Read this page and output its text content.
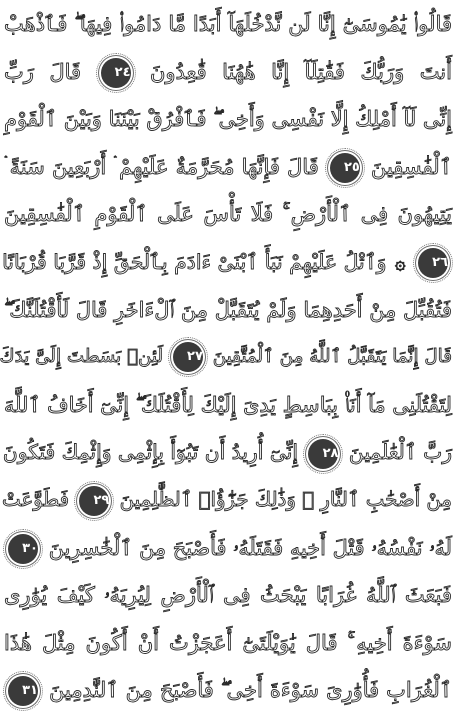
قَالُوا۟ يَٰمُوسَىٰٓ إِنَّا لَن نَّدْخُلَهَآ أَبَدًا مَّا دَامُوا۟ فِيهَا ۖ فَٱذْهَبْ
أَنتَ وَرَبُّكَ فَقَٰتِلَآ إِنَّا هَٰهُنَا قَٰعِدُونَ ٢٤ قَالَ رَبِّ
إِنِّى لَآ أَمْلِكُ إِلَّا نَفْسِى وَأَخِى ۖ فَٱفْرُقْ بَيْنَنَا وَبَيْنَ ٱلْقَوْمِ
ٱلْفَٰسِقِينَ ٢٥ قَالَ فَإِنَّهَا مُحَرَّمَةٌ عَلَيْهِمْ ۛ أَرْبَعِينَ سَنَةً ۛ
يَتِيهُونَ فِى ٱلْأَرْضِ ۚ فَلَا تَأْسَ عَلَى ٱلْقَوْمِ ٱلْفَٰسِقِينَ
٢٦ ۞ وَٱتْلُ عَلَيْهِمْ نَبَأَ ٱبْنَىْ ءَادَمَ بِٱلْحَقِّ إِذْ قَرَّبَا قُرْبَانًا
فَتُقُبِّلَ مِنْ أَحَدِهِمَا وَلَمْ يُتَقَبَّلْ مِنَ ٱلْءَاخَرِ قَالَ لَأَقْتُلَنَّكَ ۖ
قَالَ إِنَّمَا يَتَقَبَّلُ ٱللَّهُ مِنَ ٱلْمُتَّقِينَ ٢٧ لَئِنۢ بَسَطتَ إِلَىَّ يَدَكَ
لِتَقْتُلَنِى مَآ أَنَا۠ بِبَاسِطٍ يَدِىَ إِلَيْكَ لِأَقْتُلَكَ ۖ إِنِّىٓ أَخَافُ ٱللَّهَ
رَبَّ ٱلْعَٰلَمِينَ ٢٨ إِنِّىٓ أُرِيدُ أَن تَبُوٓأَ بِإِثْمِى وَإِثْمِكَ فَتَكُونَ
مِنْ أَصْحَٰبِ ٱلنَّارِ ۚ وَذَٰلِكَ جَزَٰٓؤُا۟ ٱلظَّٰلِمِينَ ٢٩ فَطَوَّعَتْ
لَهُۥ نَفْسُهُۥ قَتْلَ أَخِيهِ فَقَتَلَهُۥ فَأَصْبَحَ مِنَ ٱلْخَٰسِرِينَ ٣٠
فَبَعَثَ ٱللَّهُ غُرَابًا يَبْحَثُ فِى ٱلْأَرْضِ لِيُرِيَهُۥ كَيْفَ يُوَٰرِى
سَوْءَةَ أَخِيهِ ۚ قَالَ يَٰوَيْلَتَىٰٓ أَعَجَزْتُ أَنْ أَكُونَ مِثْلَ هَٰذَا
ٱلْغُرَابِ فَأُوَٰرِىَ سَوْءَةَ أَخِى ۖ فَأَصْبَحَ مِنَ ٱلنَّٰدِمِينَ ٣١
